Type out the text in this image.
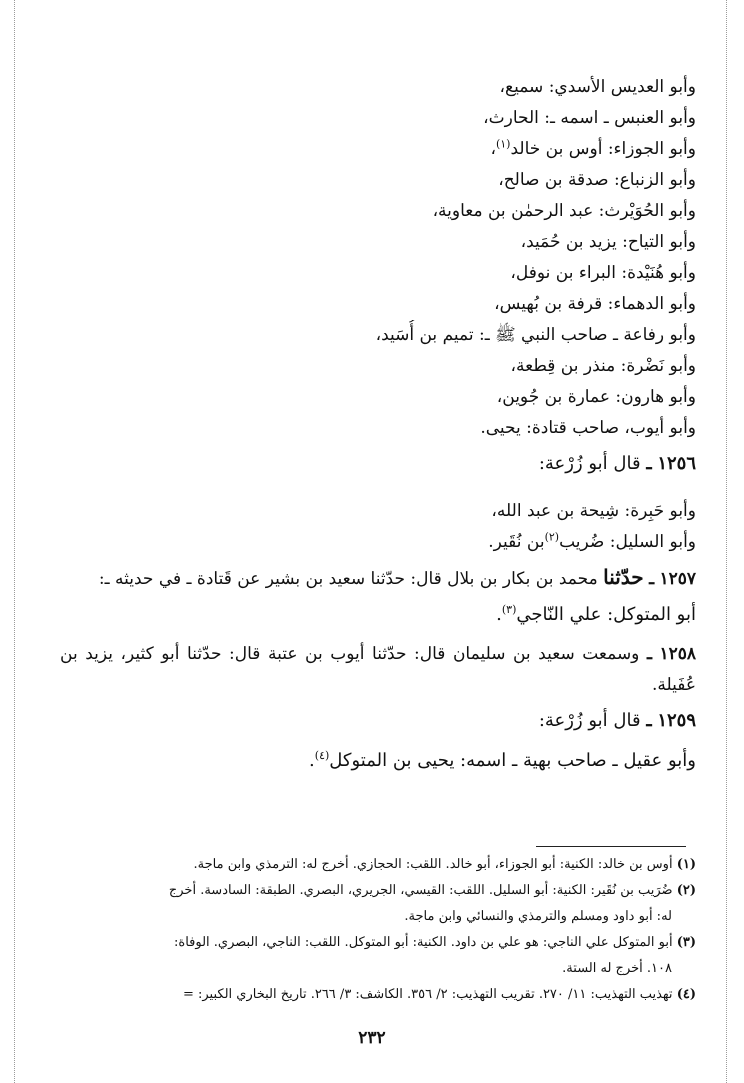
وأبو العديس الأسدي: سميع،
وأبو العنبس ـ اسمه ـ: الحارث،
وأبو الجوزاء: أوس بن خالد$^{(١)}$،
وأبو الزنباع: صدقة بن صالح،
وأبو الحُوَيْرث: عبد الرحمٰن بن معاوية،
وأبو التياح: يزيد بن حُمَيد،
وأبو هُنَيْدة: البراء بن نوفل،
وأبو الدهماء: قرفة بن بُهيس،
وأبو رفاعة ـ صاحب النبي ﷺ ـ: تميم بن أُسَيد،
وأبو نَضْرة: منذر بن قِطعة،
وأبو هارون: عمارة بن جُوين،
وأبو أيوب، صاحب قتادة: يحيى.
١٢٥٦ ـ قال أبو زُرْعة:
وأبو حَبِرة: شِيحة بن عبد الله،
وأبو السليل: ضُريب$^{(٢)}$بن نُقَير.
١٢٥٧ ـ حدّثنا محمد بن بكار بن بلال قال: حدّثنا سعيد بن بشير عن قَتادة ـ في حديثه ـ:
أبو المتوكل: علي النّاجي$^{(٣)}$.
١٢٥٨ ـ وسمعت سعيد بن سليمان قال: حدّثنا أيوب بن عتبة قال: حدّثنا أبو كثير، يزيد بن عُفَيلة.
١٢٥٩ ـ قال أبو زُرْعة:
وأبو عقيل ـ صاحب بهية ـ اسمه: يحيى بن المتوكل$^{(٤)}$.

(١) أوس بن خالد: الكنية: أبو الجوزاء، أبو خالد. اللقب: الحجازي. أخرج له: الترمذي وابن ماجة.

(٢) ضُرَيب بن نُقَير: الكنية: أبو السليل. اللقب: القيسي، الجريري، البصري. الطبقة: السادسة. أخرج

له: أبو داود ومسلم والترمذي والنسائي وابن ماجة.

(٣) أبو المتوكل علي الناجي: هو علي بن داود. الكنية: أبو المتوكل. اللقب: الناجي، البصري. الوفاة:

١٠٨. أخرج له الستة.

(٤) تهذيب التهذيب: ١١/ ٢٧٠. تقريب التهذيب: ٢/ ٣٥٦. الكاشف: ٣/ ٢٦٦. تاريخ البخاري الكبير: =

٢٣٢
